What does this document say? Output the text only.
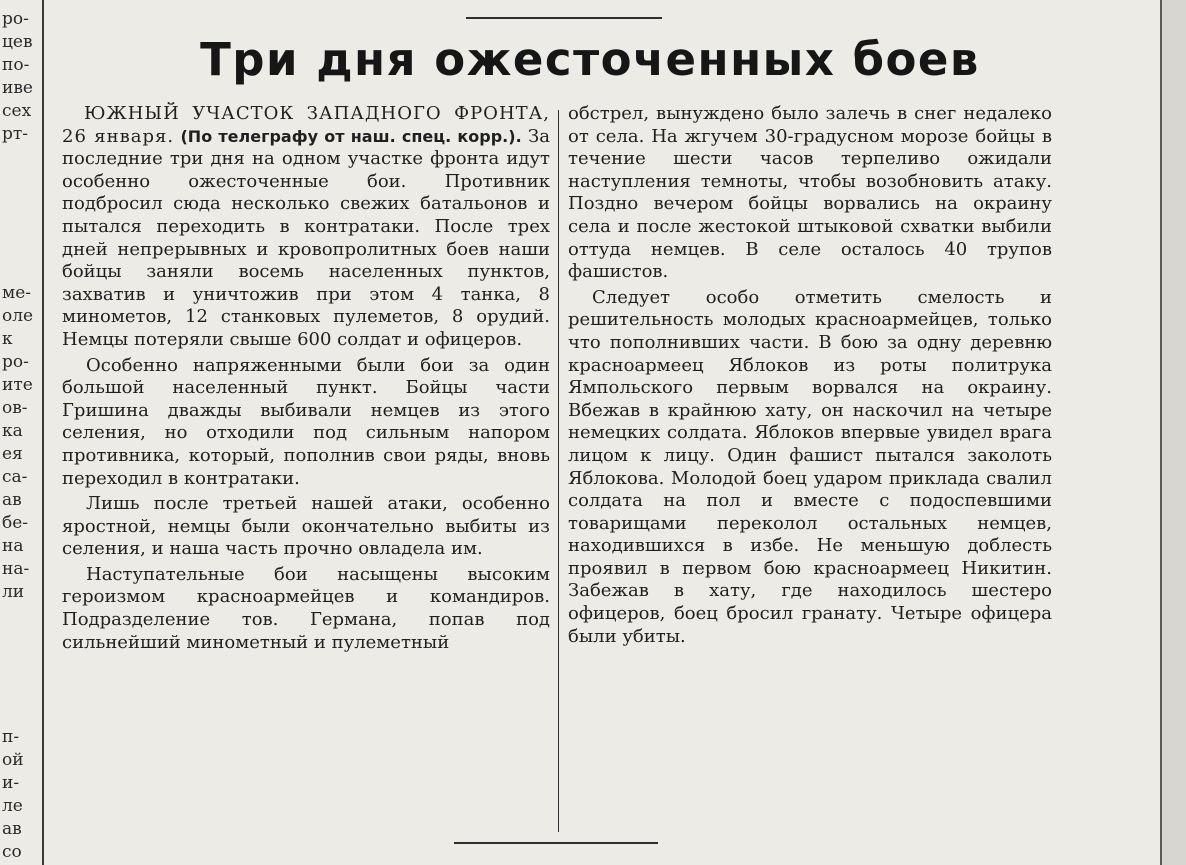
ро-
цев
по-
иве
сех
рт-
ме-
оле
к
ро-
ите
ов-
ка
ея
са-
ав
бе-
на
на-
ли
п-
ой
и-
ле
ав
со
Три дня ожесточенных боев

ЮЖНЫЙ УЧАСТОК ЗАПАДНОГО ФРОНТА, 26 января. (По телеграфу от наш. спец. корр.). За последние три дня на одном участке фронта идут особенно ожесточенные бои. Противник подбросил сюда несколько свежих батальонов и пытался переходить в контратаки. После трех дней непрерывных и кровопролитных боев наши бойцы заняли восемь населенных пунктов, захватив и уничтожив при этом 4 танка, 8 минометов, 12 станковых пулеметов, 8 орудий. Немцы потеряли свыше 600 солдат и офицеров.

Особенно напряженными были бои за один большой населенный пункт. Бойцы части Гришина дважды выбивали немцев из этого селения, но отходили под сильным напором противника, который, пополнив свои ряды, вновь переходил в контратаки.

Лишь после третьей нашей атаки, особенно яростной, немцы были окончательно выбиты из селения, и наша часть прочно овладела им.

Наступательные бои насыщены высоким героизмом красноармейцев и командиров. Подразделение тов. Германа, попав под сильнейший минометный и пулеметный

обстрел, вынуждено было залечь в снег недалеко от села. На жгучем 30-градусном морозе бойцы в течение шести часов терпеливо ожидали наступления темноты, чтобы возобновить атаку. Поздно вечером бойцы ворвались на окраину села и после жестокой штыковой схватки выбили оттуда немцев. В селе осталось 40 трупов фашистов.

Следует особо отметить смелость и решительность молодых красноармейцев, только что пополнивших части. В бою за одну деревню красноармеец Яблоков из роты политрука Ямпольского первым ворвался на окраину. Вбежав в крайнюю хату, он наскочил на четыре немецких солдата. Яблоков впервые увидел врага лицом к лицу. Один фашист пытался заколоть Яблокова. Молодой боец ударом приклада свалил солдата на пол и вместе с подоспевшими товарищами переколол остальных немцев, находившихся в избе. Не меньшую доблесть проявил в первом бою красноармеец Никитин. Забежав в хату, где находилось шестеро офицеров, боец бросил гранату. Четыре офицера были убиты.
